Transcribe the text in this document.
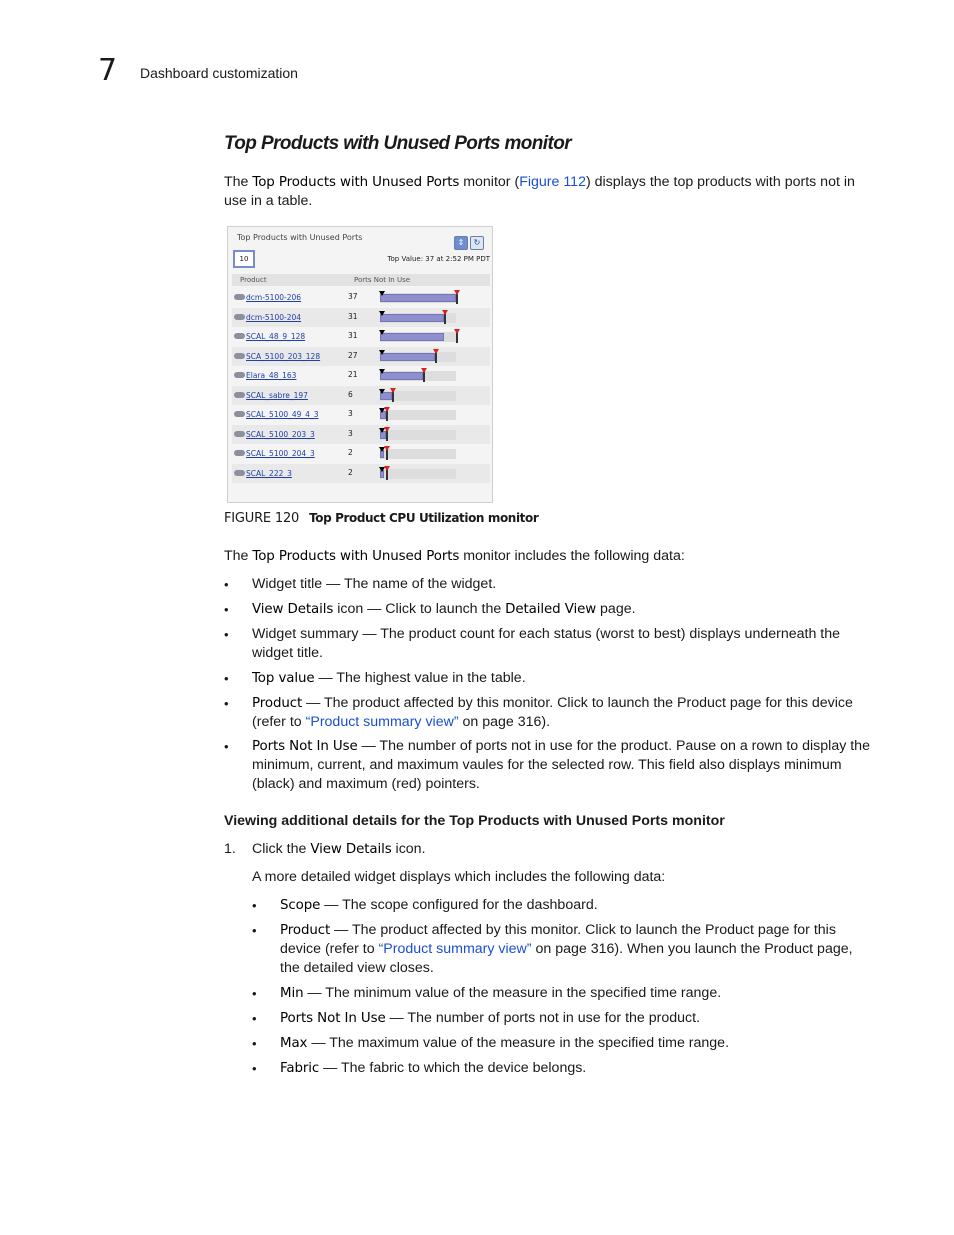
7 Dashboard customization
Top Products with Unused Ports monitor
The Top Products with Unused Ports monitor (Figure 112) displays the top products with ports not in use in a table.
Top Products with Unused Ports
⇕ ↻
10	Top Value: 37 at 2:52 PM PDT
Product	Ports Not In Use
dcm-5100-206	37
dcm-5100-204	31
SCAL_48_9_128	31
SCA_5100_203_128	27
Elara_48_163	21
SCAL_sabre_197	6
SCAL_5100_49_4_3	3
SCAL_5100_203_3	3
SCAL_5100_204_3	2
SCAL_222_3	2
FIGURE 120 Top Product CPU Utilization monitor
The Top Products with Unused Ports monitor includes the following data:
• Widget title — The name of the widget.
• View Details icon — Click to launch the Detailed View page.
• Widget summary — The product count for each status (worst to best) displays underneath the widget title.
• Top value — The highest value in the table.
• Product — The product affected by this monitor. Click to launch the Product page for this device (refer to “Product summary view” on page 316).
• Ports Not In Use — The number of ports not in use for the product. Pause on a rown to display the minimum, current, and maximum vaules for the selected row. This field also displays minimum (black) and maximum (red) pointers.
Viewing additional details for the Top Products with Unused Ports monitor
1. Click the View Details icon.
A more detailed widget displays which includes the following data:
• Scope — The scope configured for the dashboard.
• Product — The product affected by this monitor. Click to launch the Product page for this device (refer to “Product summary view” on page 316). When you launch the Product page, the detailed view closes.
• Min — The minimum value of the measure in the specified time range.
• Ports Not In Use — The number of ports not in use for the product.
• Max — The maximum value of the measure in the specified time range.
• Fabric — The fabric to which the device belongs.
